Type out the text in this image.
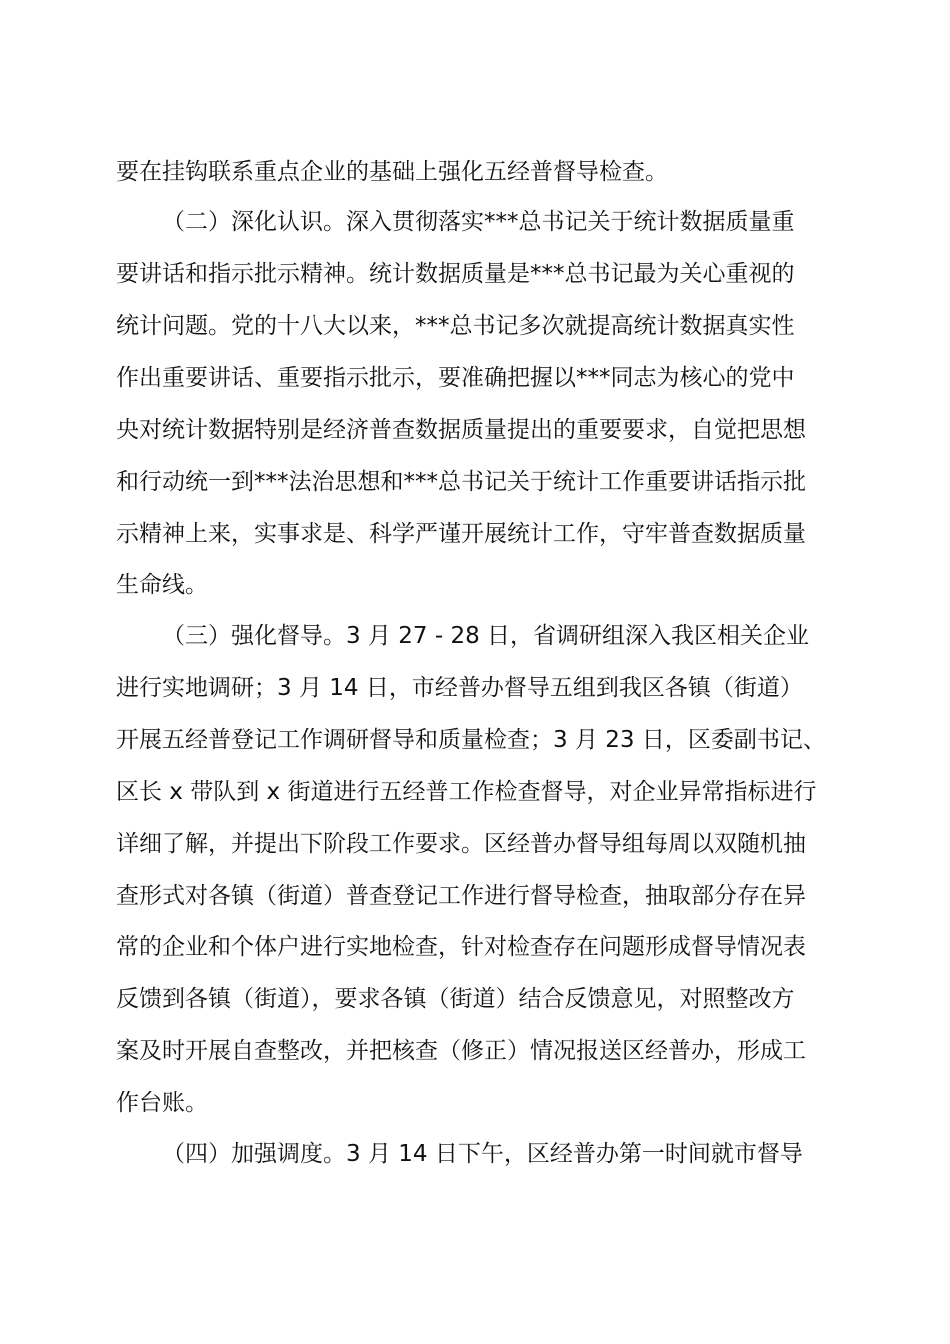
要在挂钩联系重点企业的基础上强化五经普督导检查。
（二）深化认识。深入贯彻落实***总书记关于统计数据质量重
要讲话和指示批示精神。统计数据质量是***总书记最为关心重视的
统计问题。党的十八大以来，***总书记多次就提高统计数据真实性
作出重要讲话、重要指示批示，要准确把握以***同志为核心的党中
央对统计数据特别是经济普查数据质量提出的重要要求，自觉把思想
和行动统一到***法治思想和***总书记关于统计工作重要讲话指示批
示精神上来，实事求是、科学严谨开展统计工作，守牢普查数据质量
生命线。
（三）强化督导。3 月 27 - 28 日，省调研组深入我区相关企业
进行实地调研；3 月 14 日，市经普办督导五组到我区各镇（街道）
开展五经普登记工作调研督导和质量检查；3 月 23 日，区委副书记、
区长 x 带队到 x 街道进行五经普工作检查督导，对企业异常指标进行
详细了解，并提出下阶段工作要求。区经普办督导组每周以双随机抽
查形式对各镇（街道）普查登记工作进行督导检查，抽取部分存在异
常的企业和个体户进行实地检查，针对检查存在问题形成督导情况表
反馈到各镇（街道），要求各镇（街道）结合反馈意见，对照整改方
案及时开展自查整改，并把核查（修正）情况报送区经普办，形成工
作台账。
（四）加强调度。3 月 14 日下午，区经普办第一时间就市督导
